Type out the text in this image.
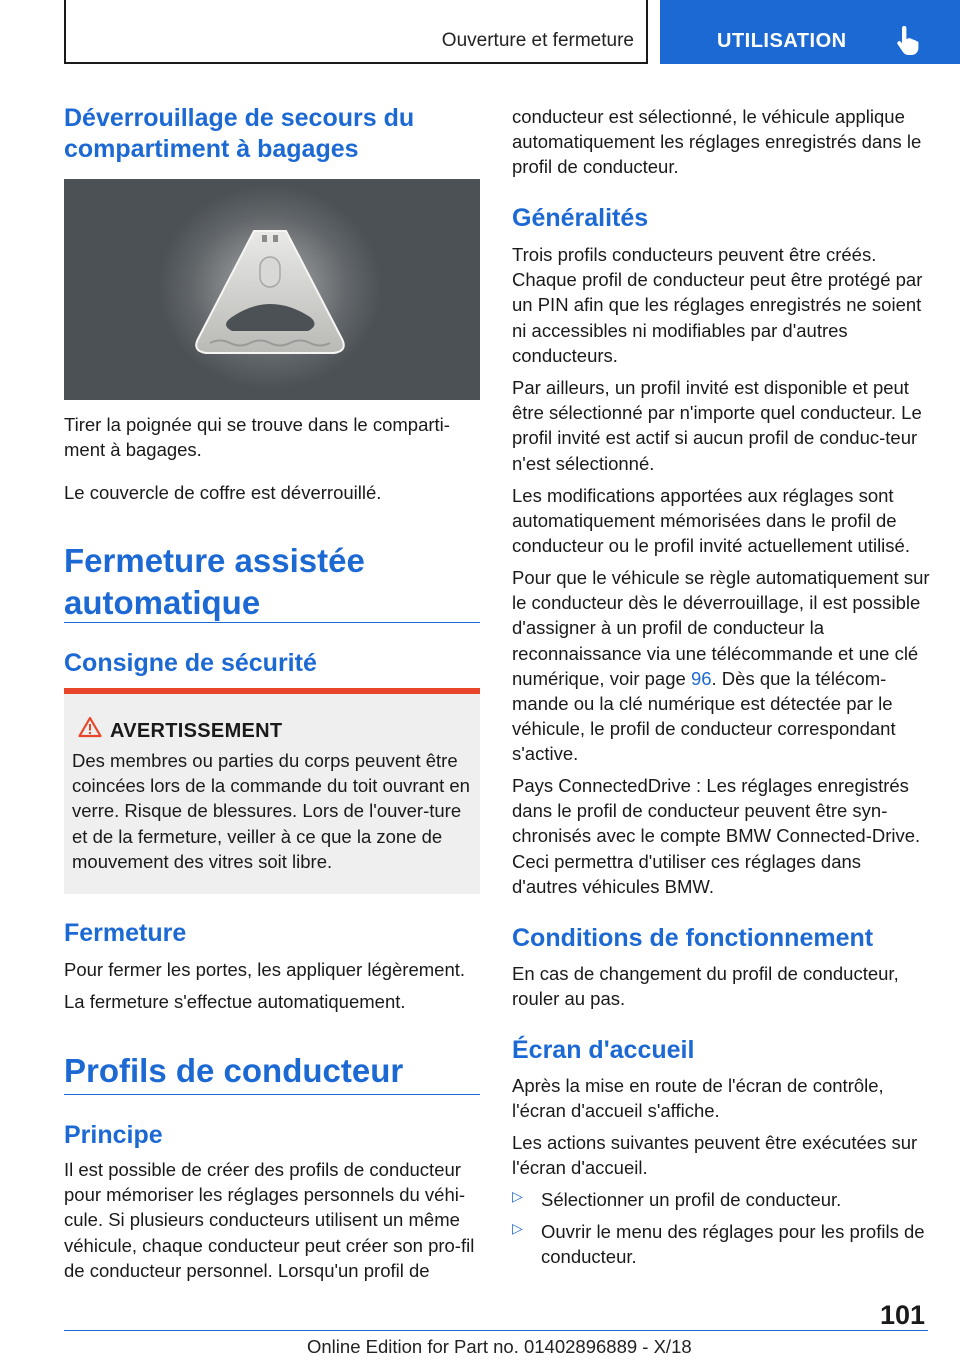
Ouverture et fermeture	UTILISATION
Déverrouillage de secours du compartiment à bagages

Tirer la poignée qui se trouve dans le comparti-ment à bagages.

Le couvercle de coffre est déverrouillé.

Fermeture assistée automatique
Consigne de sécurité
AVERTISSEMENT

Des membres ou parties du corps peuvent être coincées lors de la commande du toit ouvrant en verre. Risque de blessures. Lors de l'ouver-ture et de la fermeture, veiller à ce que la zone de mouvement des vitres soit libre.

Fermeture

Pour fermer les portes, les appliquer légèrement.

La fermeture s'effectue automatiquement.

Profils de conducteur
Principe

Il est possible de créer des profils de conducteur pour mémoriser les réglages personnels du véhi-cule. Si plusieurs conducteurs utilisent un même véhicule, chaque conducteur peut créer son pro-fil de conducteur personnel. Lorsqu'un profil de

conducteur est sélectionné, le véhicule applique automatiquement les réglages enregistrés dans le profil de conducteur.

Généralités

Trois profils conducteurs peuvent être créés. Chaque profil de conducteur peut être protégé par un PIN afin que les réglages enregistrés ne soient ni accessibles ni modifiables par d'autres conducteurs.

Par ailleurs, un profil invité est disponible et peut être sélectionné par n'importe quel conducteur. Le profil invité est actif si aucun profil de conduc-teur n'est sélectionné.

Les modifications apportées aux réglages sont automatiquement mémorisées dans le profil de conducteur ou le profil invité actuellement utilisé.

Pour que le véhicule se règle automatiquement sur le conducteur dès le déverrouillage, il est possible d'assigner à un profil de conducteur la reconnaissance via une télécommande et une clé numérique, voir page 96. Dès que la télécom-mande ou la clé numérique est détectée par le véhicule, le profil de conducteur correspondant s'active.

Pays ConnectedDrive : Les réglages enregistrés dans le profil de conducteur peuvent être syn-chronisés avec le compte BMW Connected-Drive. Ceci permettra d'utiliser ces réglages dans d'autres véhicules BMW.

Conditions de fonctionnement

En cas de changement du profil de conducteur, rouler au pas.

Écran d'accueil

Après la mise en route de l'écran de contrôle, l'écran d'accueil s'affiche.

Les actions suivantes peuvent être exécutées sur l'écran d'accueil.

▷ Sélectionner un profil de conducteur.

▷ Ouvrir le menu des réglages pour les profils de conducteur.

101
Online Edition for Part no. 01402896889 - X/18
